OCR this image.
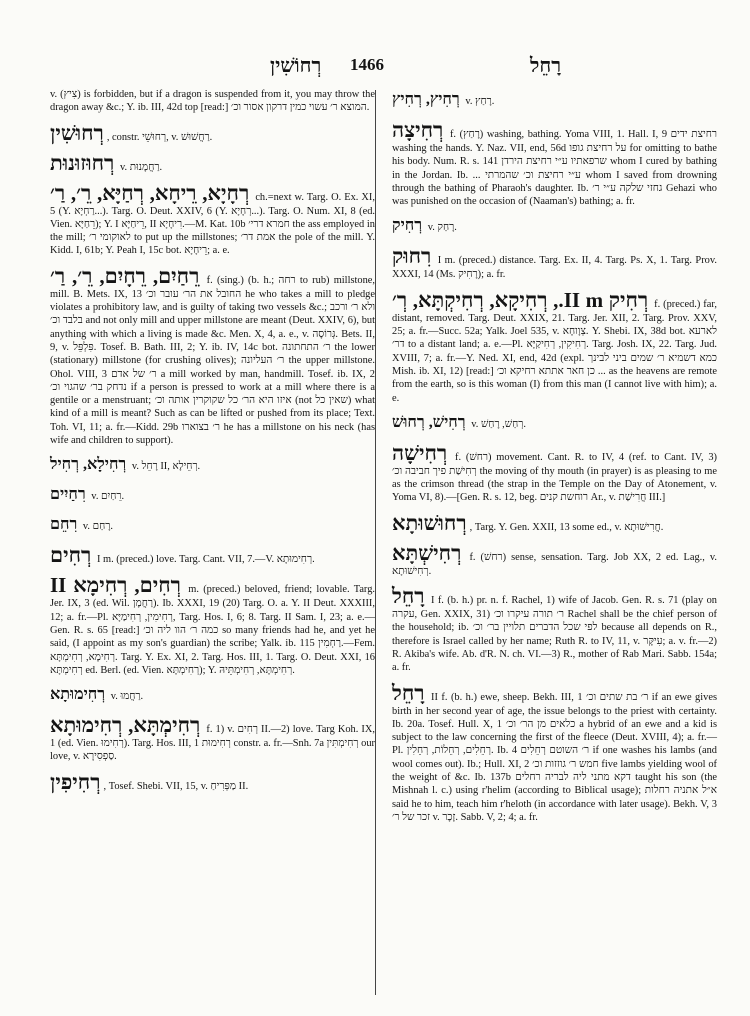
רְחוֹשִׁין 1466	רָחֵל

v. (צִיץ) is forbidden, but if a dragon is suspended from it, you may throw the dragon away &c.; Y. ib. III, 42d top [read:] המוצא ר׳ עשוי כמין דרקון אסור וכ׳.

רְחוּשִׁין , constr. רְחוּשֵׁי, v. רַחֲשׁוּשׁ.

רְחוּזוּנוּת v. רַחֲמָנוּת.

רְחָיָא, רֵיחָא, רְחַיָּא, רֵ׳, רַ׳ ch.=next w. Targ. O. Ex. XI, 5 (Y. רַחְיָא...). Targ. O. Deut. XXIV, 6 (Y. רְחָיָא...). Targ. O. Num. XI, 8 (ed. Vien. רֵחַיָּא); Y. I רֵיחַיָּא, II רִיחָיָא.—M. Kat. 10b חמרא דרי׳ the ass employed in the mill; לאוקומי ר׳ to put up the millstones; אמת דר׳ the pole of the mill. Y. Kidd. I, 61b; Y. Peah I, 15c bot. רֵיחָיָא; a. e.

רֵחַיִם, רֵחָיִם, רֵ׳, רַ׳ f. (sing.) (b. h.; רחה to rub) millstone, mill. B. Mets. IX, 13 החובל את הר׳ עובר וכ׳ he who takes a mill to pledge violates a prohibitory law, and is guilty of taking two vessels &c.; ולא ר׳ ורכב בלבד וכ׳ and not only mill and upper millstone are meant (Deut. XXIV, 6), but anything with which a living is made &c. Men. X, 4, a. e., v. גְּרוֹסָה. Bets. II, 9, v. פִּלְפֵּל. Tosef. B. Bath. III, 2; Y. ib. IV, 14c bot. ר׳ התחתונה the lower (stationary) millstone (for crushing olives); ר׳ העליונה the upper millstone. Ohol. VIII, 3 ר׳ של אדם a mill worked by man, handmill. Tosef. ib. IX, 2 נדחק בר׳ שהגוי וכ׳ if a person is pressed to work at a mill where there is a gentile or a menstruant; איזו היא הר׳ כל שקוקרין אותה וכ׳ (not שאין כל) what kind of a mill is meant? Such as can be lifted or pushed from its place; Text. Toh. VI, 11; a. fr.—Kidd. 29b ר׳ בצוארו he has a millstone on his neck (has wife and children to support).

רְחִילָא, רְחִיל v. רָחֵל II, רְחֵילָא.

רִחַיִים v. רֵחַיִם.

רִחֵם v. רָחַם.

רְחִים I m. (preced.) love. Targ. Cant. VII, 7.—V. רְחִימוּתָא.

רְחִים, רְחִימָא II m. (preced.) beloved, friend; lovable. Targ. Jer. IX, 3 (ed. Wil. רַחֲמָן). Ib. XXXI, 19 (20) Targ. O. a. Y. II Deut. XXXIII, 12; a. fr.—Pl. רְחִימִין, רְחִימַיָּא, Targ. Hos. I, 6; 8. Targ. II Sam. I, 23; a. e.—Gen. R. s. 65 [read:] כמה ר׳ הוו ליה וכ׳ so many friends had he, and yet he said, (I appoint as my son's guardian) the scribe; Yalk. ib. 115 רַחְמִין.—Fem. רְחִימָא, רְחִימְתָּא. Targ. Y. Ex. XI, 2. Targ. Hos. III, 1. Targ. O. Deut. XXI, 16 רְחִימְתָּא ed. Berl. (ed. Vien. רְחִימְתָּא); Y. רְחִימְתָּא, רְחִימְתֵּיהּ.

רְחִימוּתָא v. רַחֲמוּ.

רְחִימְתָּא, רְחִימוּתָא f. 1) v. רְחִים II.—2) love. Targ Koh. IX, 1 (ed. Vien. רְחִימוּ). Targ. Hos. III, 1 רְחִימוּת constr. a. fr.—Snh. 7a רְחִימְתִּין our love, v. סַפְסִירָא.

רְחִיפִין , Tosef. Shebi. VII, 15, v. מַפְּרִיחַ II.

רְחִיץ, רְחִיץ v. רָחַץ.

רְחִיצָה f. (רָחַץ) washing, bathing. Yoma VIII, 1. Hall. I, 9 רחיצת ידים washing the hands. Y. Naz. VII, end, 56d על רחיצת גופו for omitting to bathe his body. Num. R. s. 141 שרפאתיו ע״י רחיצת הירדן whom I cured by bathing in the Jordan. Ib. ... ע״י רחיצת וכ׳ שהמרתי whom I saved from drowning through the bathing of Pharaoh's daughter. Ib. גחזי שלקה ע״י ר׳ Gehazi who was punished on the occasion of (Naaman's) bathing; a. fr.

רְחִיק v. רָחַק.

רִחוּק I m. (preced.) distance. Targ. Ex. II, 4. Targ. Ps. X, 1. Targ. Prov. XXXI, 14 (Ms. רָחִיק); a. fr.

רְחִיק II m., רְחִיקָא, רְחִיקְתָּא, רְ׳ f. (preced.) far, distant, removed. Targ. Deut. XXIX, 21. Targ. Jer. XII, 2. Targ. Prov. XXV, 25; a. fr.—Succ. 52a; Yalk. Joel 535, v. צְוָוחָא. Y. Shebi. IX, 38d bot. לארעא דר׳ to a distant land; a. e.—Pl. רְחִיקִין, רְחִיקַיָּא. Targ. Josh. IX, 22. Targ. Jud. XVIII, 7; a. fr.—Y. Ned. XI, end, 42d (expl. כמא דשמיא ר׳ שמים ביני לבינך Mish. ib. XI, 12) [read:] כן חאר אתתא רחיקא וכ׳ ... as the heavens are remote from the earth, so is this woman (I) from this man (I cannot live with him); a. e.

רְחִישׁ, רְחוּשׁ v. רְחַשׁ, רָחַשׁ.

רְחִישָׁה f. (רחשׁ) movement. Cant. R. to IV, 4 (ref. to Cant. IV, 3) רְחִישַׁת פיך חביבה וכ׳ the moving of thy mouth (in prayer) is as pleasing to me as the crimson thread (the strap in the Temple on the Day of Atonement, v. Yoma VI, 8).—[Gen. R. s. 12, beg. רוחשת קנים Ar., v. חֲרִישַׁת III.]

רְחוּשׁוּתָא , Targ. Y. Gen. XXII, 13 some ed., v. חֲרִישׁוּתָא.

רְחִישְׁתָּא f. (רחשׁ) sense, sensation. Targ. Job XX, 2 ed. Lag., v. רְחִישׁוּתָא.

רָחֵל I f. (b. h.) pr. n. f. Rachel, 1) wife of Jacob. Gen. R. s. 71 (play on עקרה, Gen. XXIX, 31) ר׳ תורה עיקרו וכ׳ Rachel shall be the chief person of the household; ib. לפי שכל הדברים תלויין בר׳ וכ׳ because all depends on R., therefore is Israel called by her name; Ruth R. to IV, 11, v. עִיקָּר; a. v. fr.—2) R. Akiba's wife. Ab. d'R. N. ch. VI.—3) R., mother of Rab Mari. Sabb. 154a; a. fr.

רָחֵל II f. (b. h.) ewe, sheep. Bekh. III, 1 ר׳ בת שתים וכ׳ if an ewe gives birth in her second year of age, the issue belongs to the priest with certainty. Ib. 20a. Tosef. Hull. X, 1 כלאים מן הר׳ וכ׳ a hybrid of an ewe and a kid is subject to the law concerning the first of the fleece (Deut. XVIII, 4); a. fr.—Pl. רְחֵלִים, רְחֵלוֹת, רְחֵלִין. Ib. 4 ר׳ השוטם רְחֵלִים if one washes his lambs (and wool comes out). Ib.; Hull. XI, 2 חמש ר׳ גוזזות וכ׳ five lambs yielding wool of the weight of &c. Ib. 137b דקא מתני ליה לבריה רחלים taught his son (the Mishnah l. c.) using r'helim (according to Biblical usage); א״ל אתניה רחלות said he to him, teach him r'heloth (in accordance with later usage). Bekh. V, 3 זכר של ר׳ v. זָכָר. Sabb. V, 2; 4; a. fr.
